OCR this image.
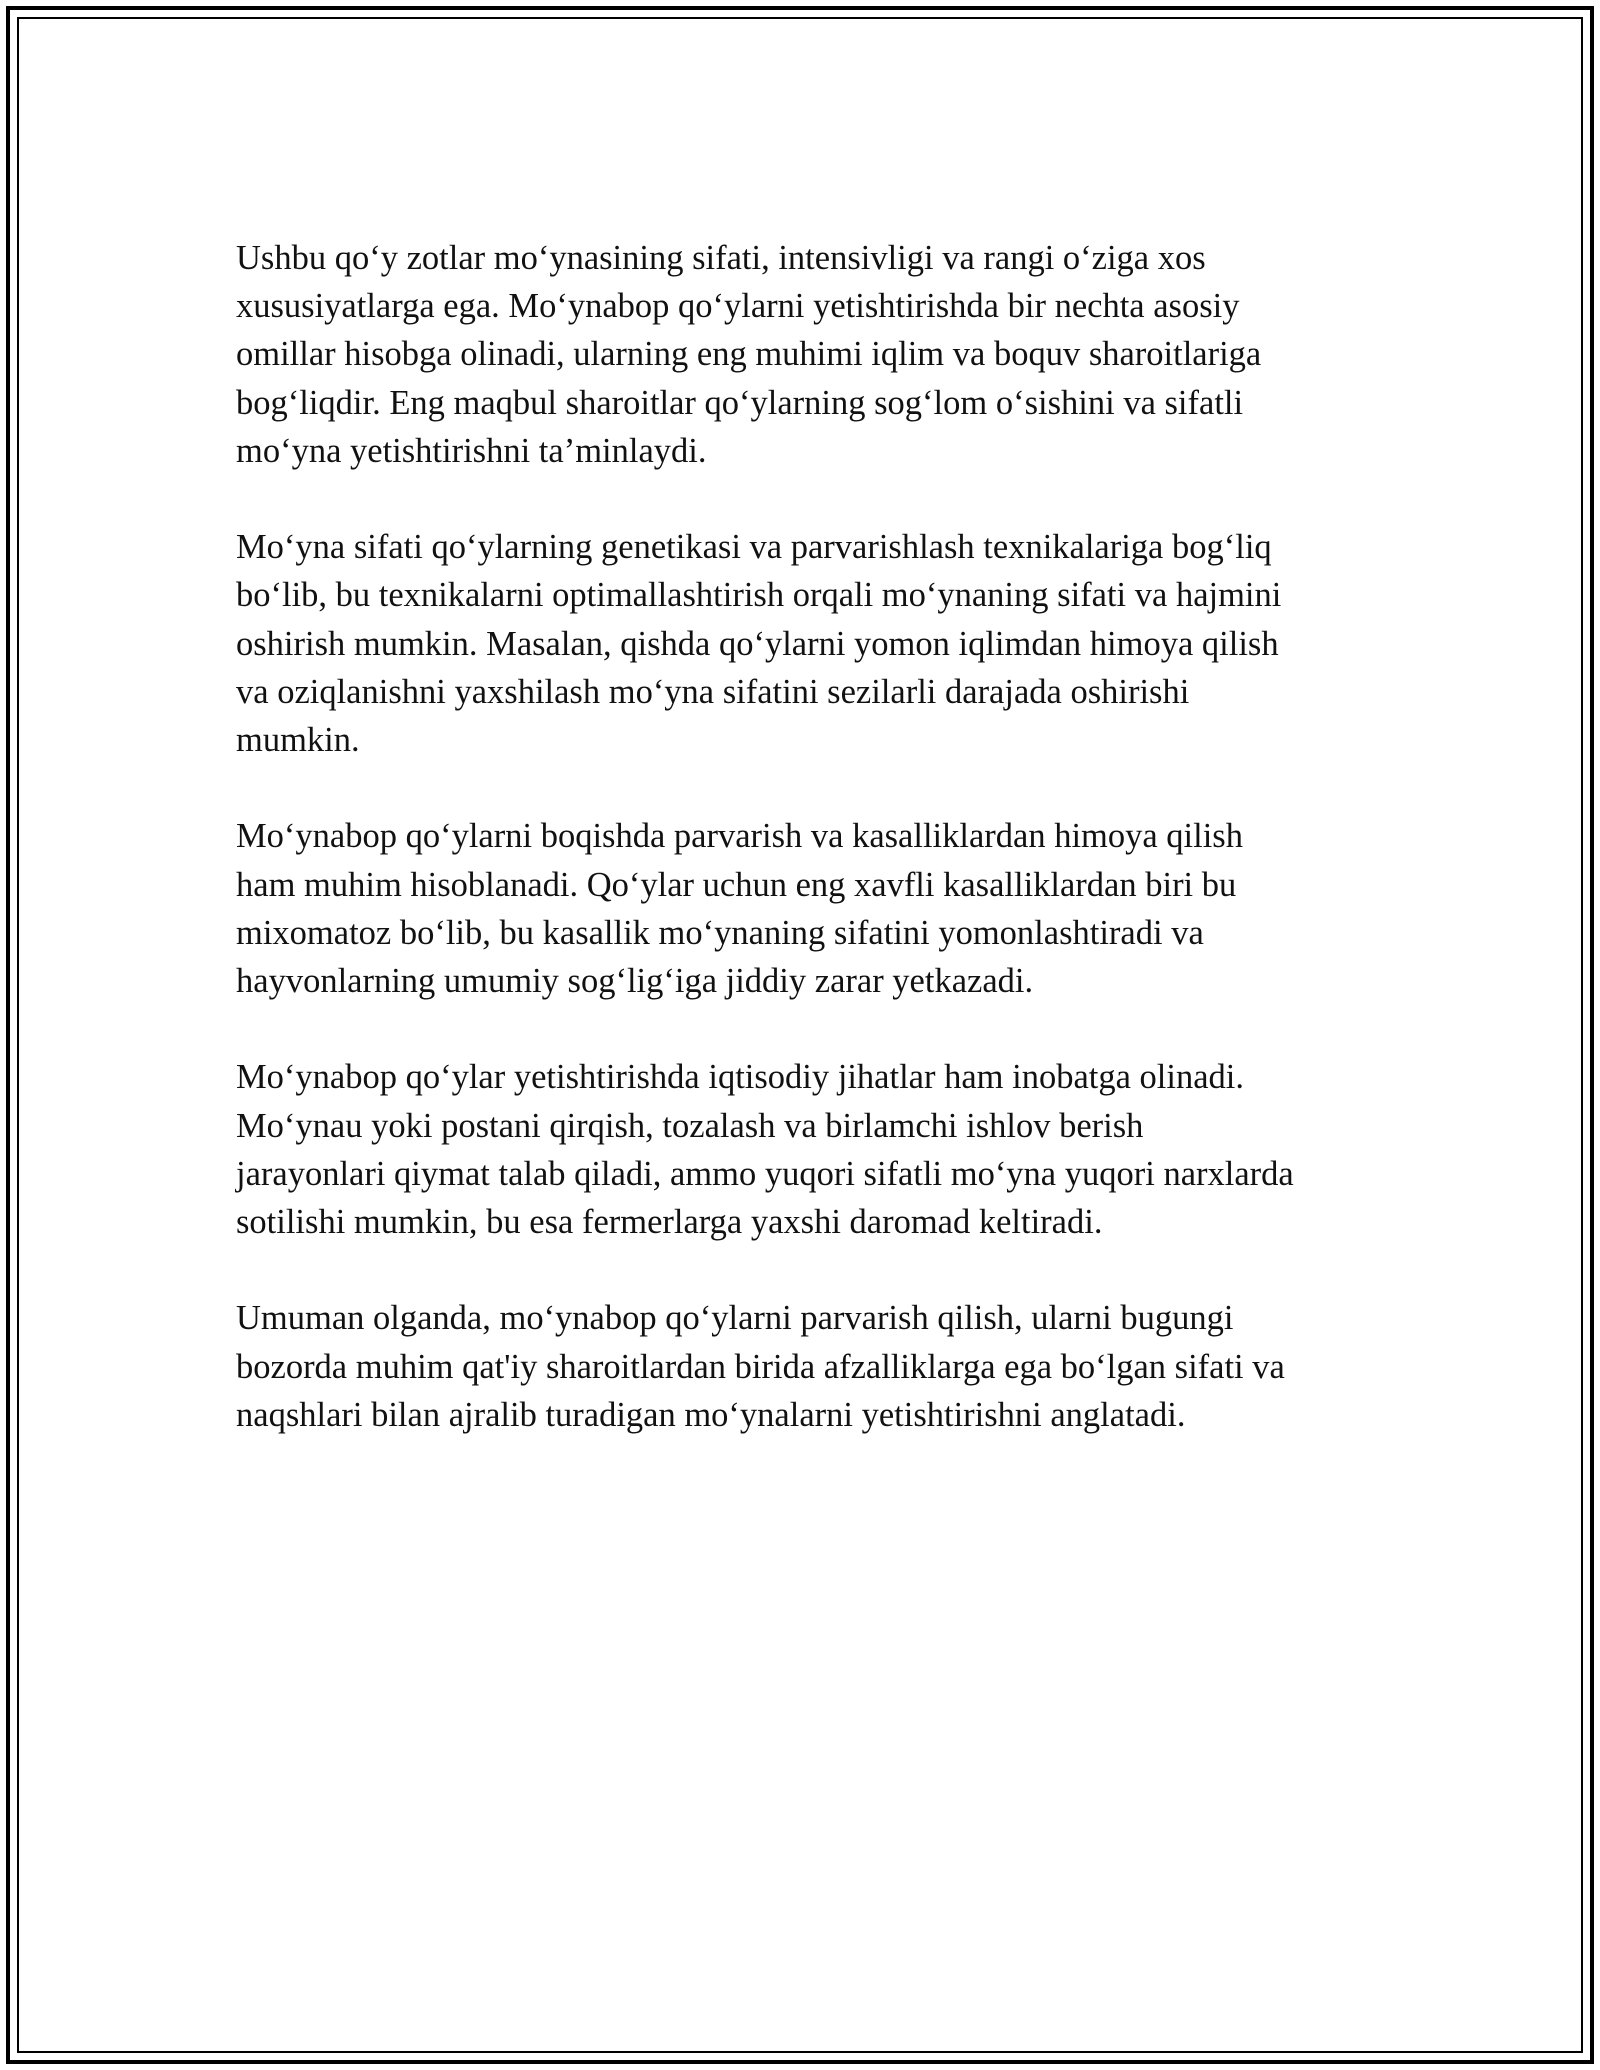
Ushbu qo‘y zotlar mo‘ynasining sifati, intensivligi va rangi o‘ziga xos
xususiyatlarga ega. Mo‘ynabop qo‘ylarni yetishtirishda bir nechta asosiy
omillar hisobga olinadi, ularning eng muhimi iqlim va boquv sharoitlariga
bog‘liqdir. Eng maqbul sharoitlar qo‘ylarning sog‘lom o‘sishini va sifatli
mo‘yna yetishtirishni ta’minlaydi.

Mo‘yna sifati qo‘ylarning genetikasi va parvarishlash texnikalariga bog‘liq
bo‘lib, bu texnikalarni optimallashtirish orqali mo‘ynaning sifati va hajmini
oshirish mumkin. Masalan, qishda qo‘ylarni yomon iqlimdan himoya qilish
va oziqlanishni yaxshilash mo‘yna sifatini sezilarli darajada oshirishi
mumkin.

Mo‘ynabop qo‘ylarni boqishda parvarish va kasalliklardan himoya qilish
ham muhim hisoblanadi. Qo‘ylar uchun eng xavfli kasalliklardan biri bu
mixomatoz bo‘lib, bu kasallik mo‘ynaning sifatini yomonlashtiradi va
hayvonlarning umumiy sog‘lig‘iga jiddiy zarar yetkazadi.

Mo‘ynabop qo‘ylar yetishtirishda iqtisodiy jihatlar ham inobatga olinadi.
Mo‘ynau yoki postani qirqish, tozalash va birlamchi ishlov berish
jarayonlari qiymat talab qiladi, ammo yuqori sifatli mo‘yna yuqori narxlarda
sotilishi mumkin, bu esa fermerlarga yaxshi daromad keltiradi.

Umuman olganda, mo‘ynabop qo‘ylarni parvarish qilish, ularni bugungi
bozorda muhim qat'iy sharoitlardan birida afzalliklarga ega bo‘lgan sifati va
naqshlari bilan ajralib turadigan mo‘ynalarni yetishtirishni anglatadi.
